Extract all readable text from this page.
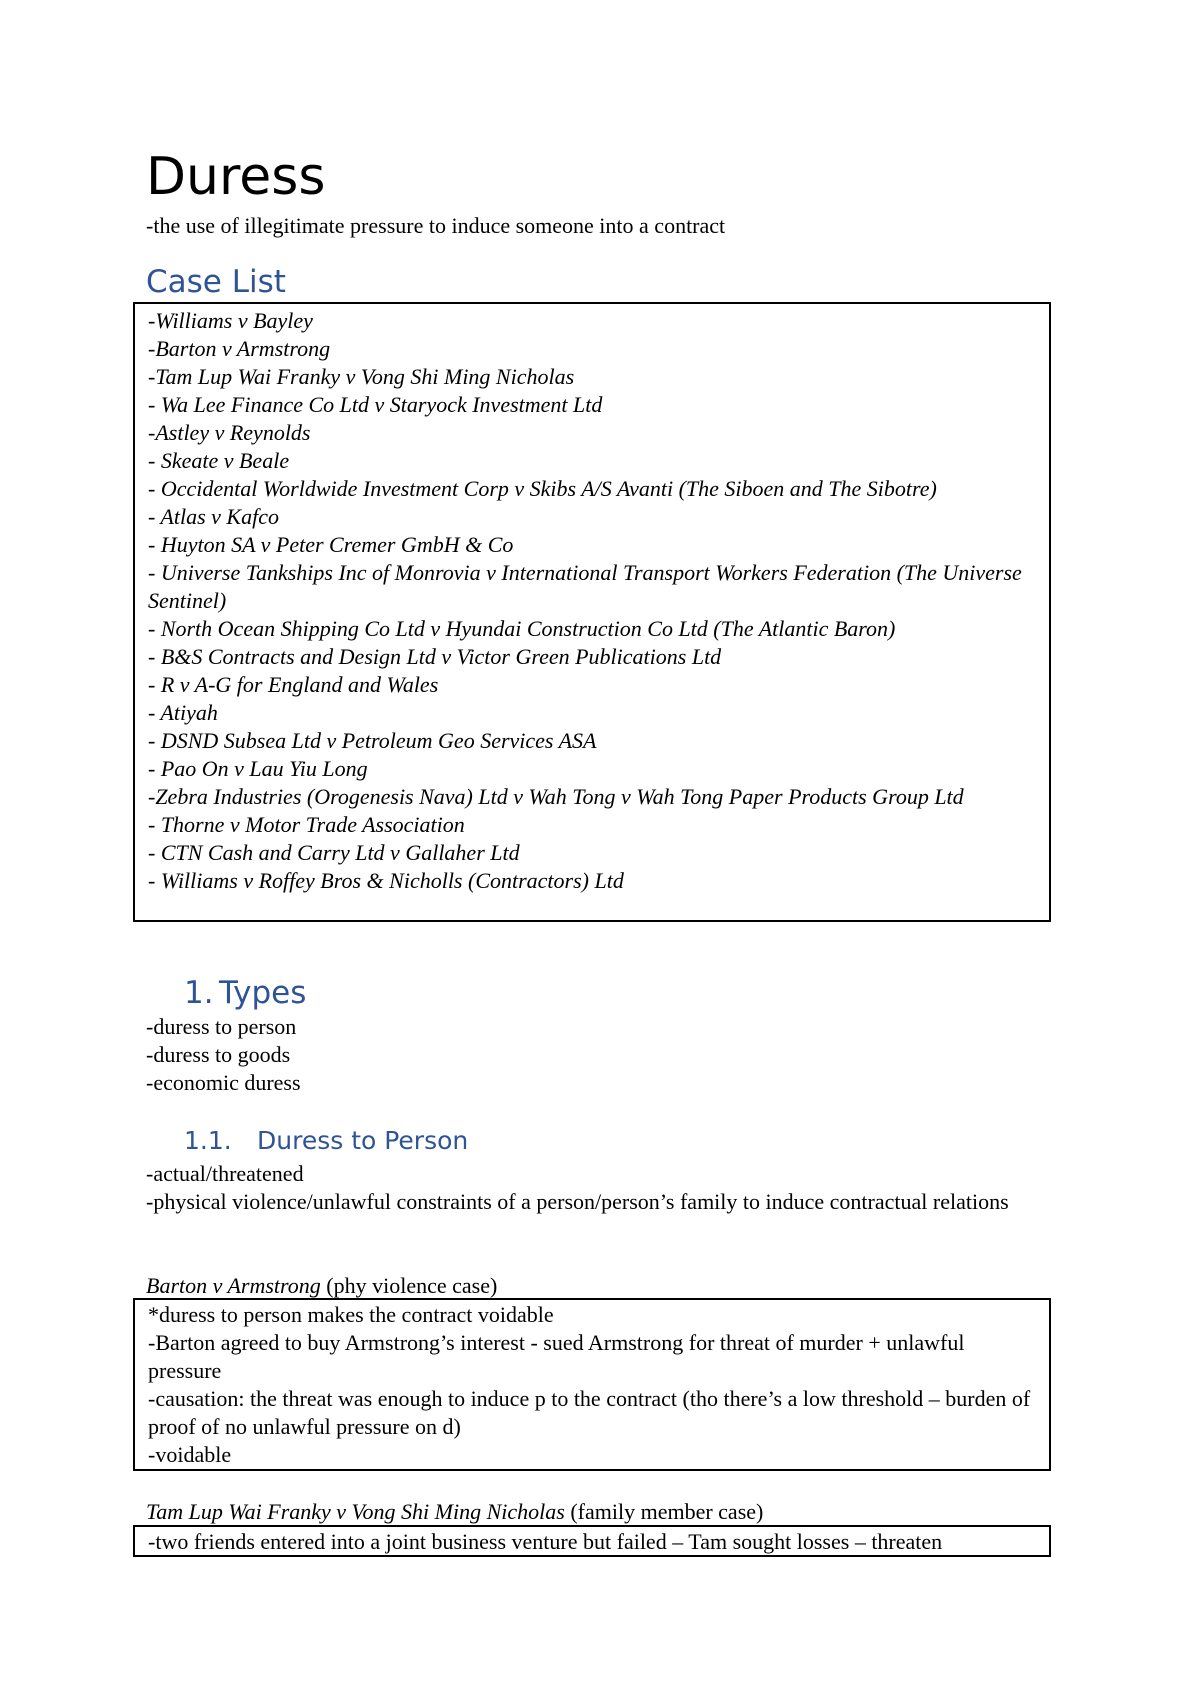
Duress
-the use of illegitimate pressure to induce someone into a contract
Case List
-Williams v Bayley
-Barton v Armstrong
-Tam Lup Wai Franky v Vong Shi Ming Nicholas
- Wa Lee Finance Co Ltd v Staryock Investment Ltd
-Astley v Reynolds
- Skeate v Beale
- Occidental Worldwide Investment Corp v Skibs A/S Avanti (The Siboen and The Sibotre)
- Atlas v Kafco
- Huyton SA v Peter Cremer GmbH & Co
- Universe Tankships Inc of Monrovia v International Transport Workers Federation (The Universe Sentinel)
- North Ocean Shipping Co Ltd v Hyundai Construction Co Ltd (The Atlantic Baron)
- B&S Contracts and Design Ltd v Victor Green Publications Ltd
- R v A-G for England and Wales
- Atiyah
- DSND Subsea Ltd v Petroleum Geo Services ASA
- Pao On v Lau Yiu Long
-Zebra Industries (Orogenesis Nava) Ltd v Wah Tong v Wah Tong Paper Products Group Ltd
- Thorne v Motor Trade Association
- CTN Cash and Carry Ltd v Gallaher Ltd
- Williams v Roffey Bros & Nicholls (Contractors) Ltd
1. Types
-duress to person
-duress to goods
-economic duress
1.1. Duress to Person
-actual/threatened
-physical violence/unlawful constraints of a person/person’s family to induce contractual relations
Barton v Armstrong (phy violence case)

*duress to person makes the contract voidable

-Barton agreed to buy Armstrong’s interest - sued Armstrong for threat of murder + unlawful pressure

-causation: the threat was enough to induce p to the contract (tho there’s a low threshold – burden of proof of no unlawful pressure on d)

-voidable

Tam Lup Wai Franky v Vong Shi Ming Nicholas (family member case)

-two friends entered into a joint business venture but failed – Tam sought losses – threaten
